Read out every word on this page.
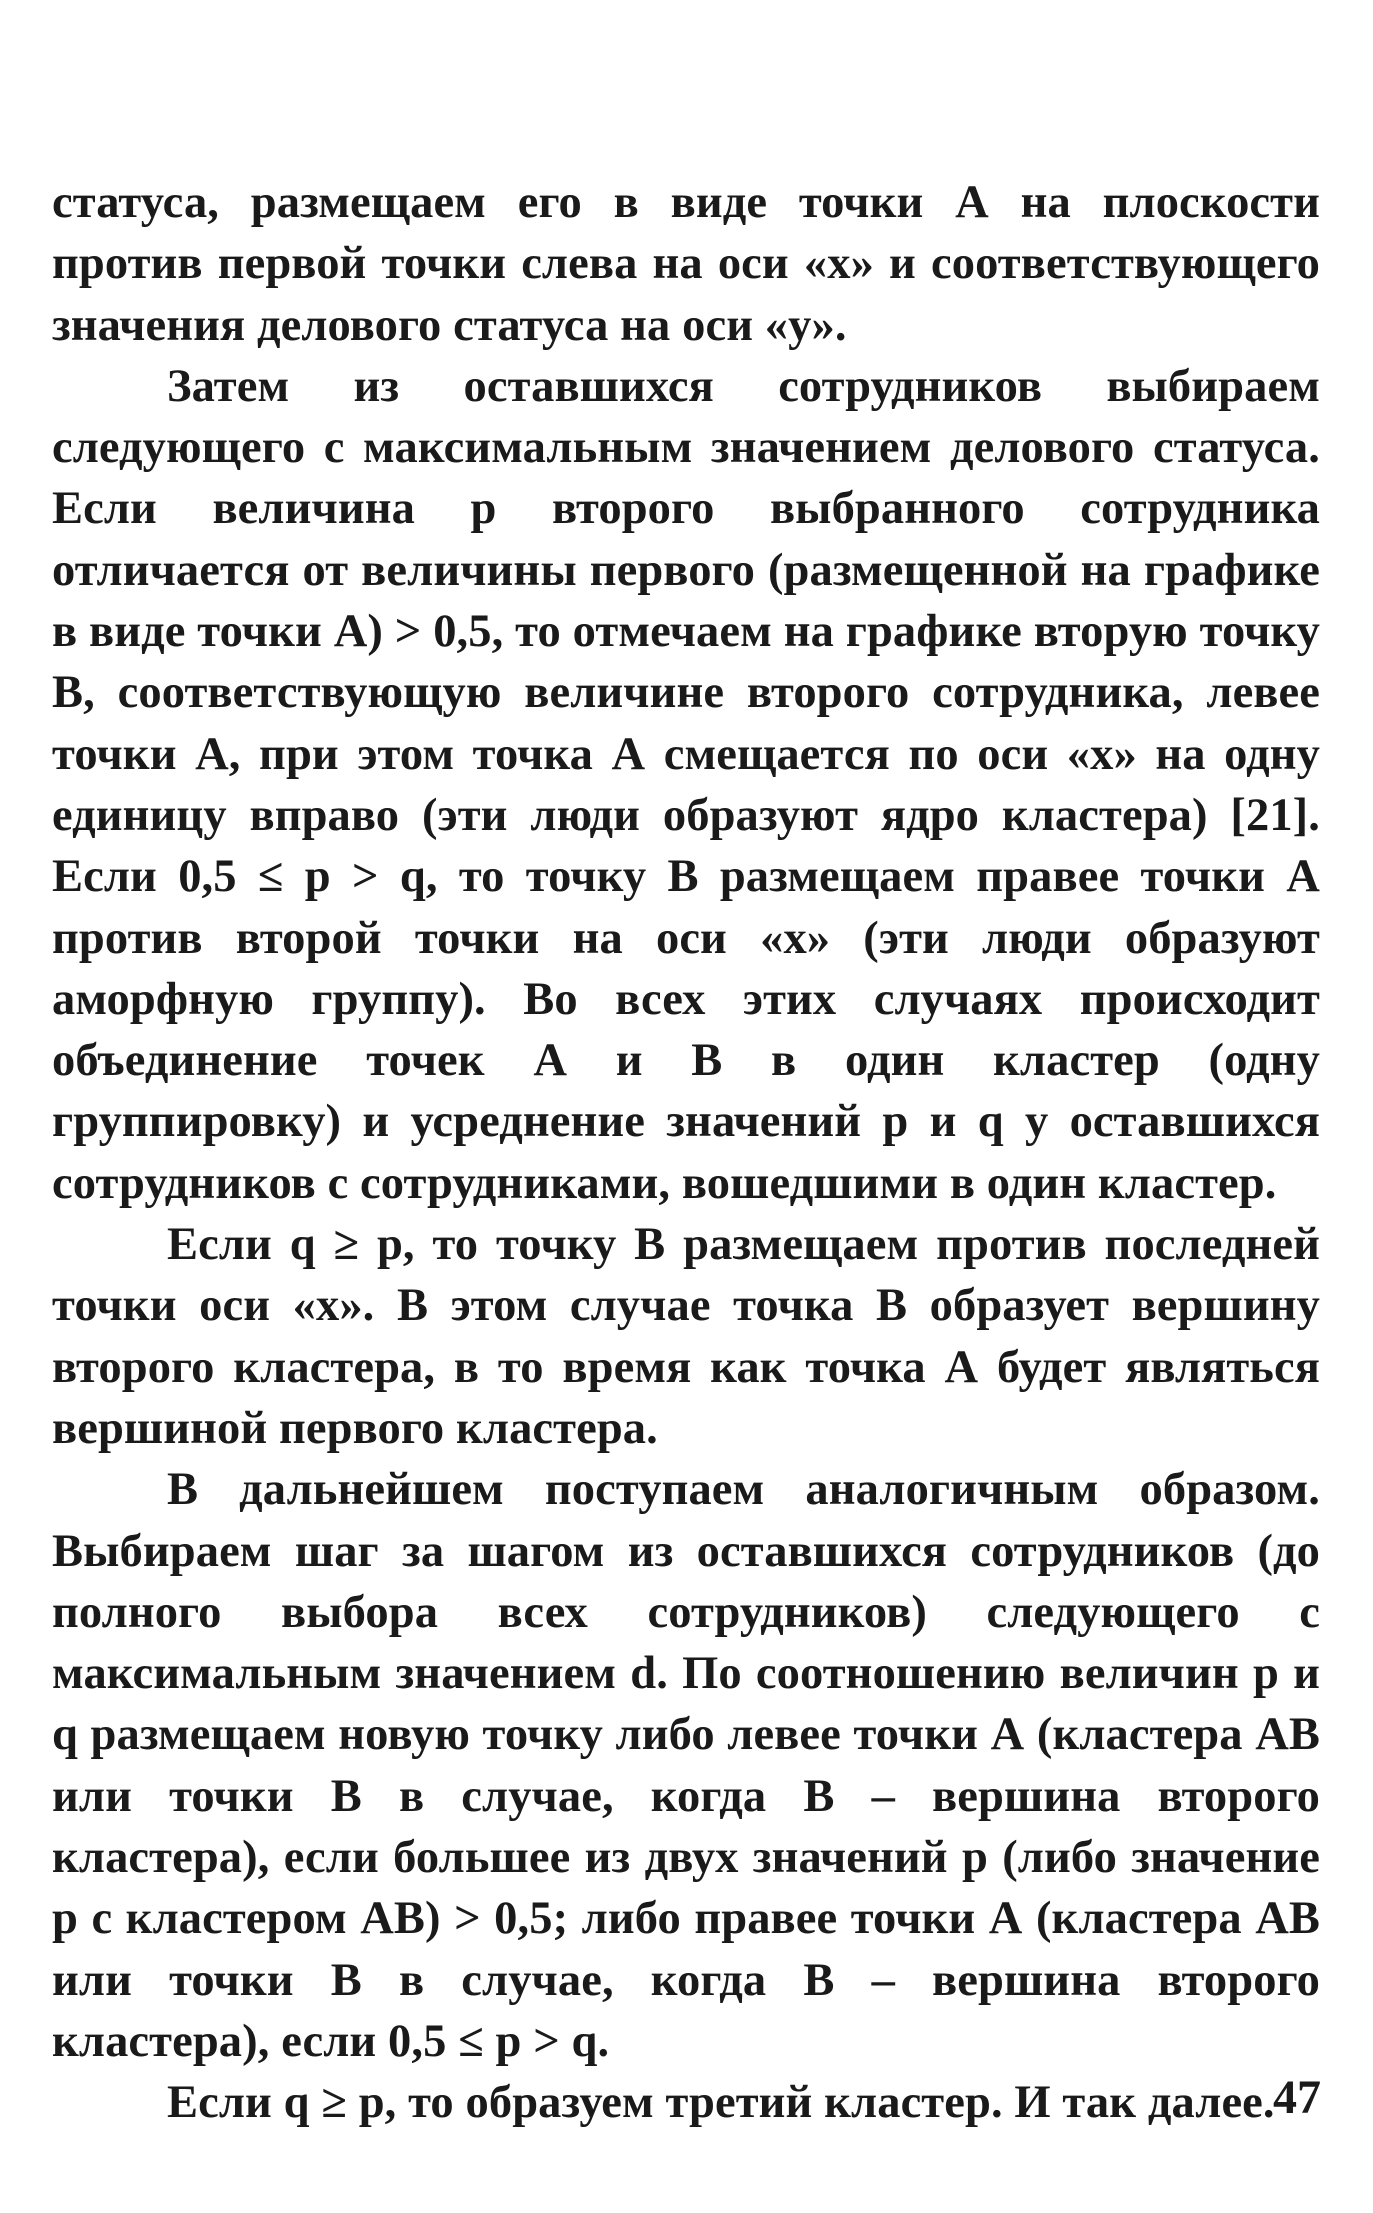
статуса, размещаем его в виде точки А на плоскости против первой точки слева на оси «x» и соответствующего значения делового статуса на оси «y».

Затем из оставшихся сотрудников выбираем следующего с максимальным значением делового статуса. Если величина p второго выбранного сотрудника отличается от величины первого (размещенной на графике в виде точки А) > 0,5, то отмечаем на графике вторую точку В, соответствующую величине второго сотрудника, левее точки А, при этом точка А смещается по оси «x» на одну единицу вправо (эти люди образуют ядро кластера) [21]. Если 0,5 ≤ p > q, то точку В размещаем правее точки А против второй точки на оси «x» (эти люди образуют аморфную группу). Во всех этих случаях происходит объединение точек А и В в один кластер (одну группировку) и усреднение значений p и q у оставшихся сотрудников с сотрудниками, вошедшими в один кластер.

Если q ≥ p, то точку В размещаем против последней точки оси «x». В этом случае точка В образует вершину второго кластера, в то время как точка А будет являться вершиной первого кластера.

В дальнейшем поступаем аналогичным образом. Выбираем шаг за шагом из оставшихся сотрудников (до полного выбора всех сотрудников) следующего с максимальным значением d. По соотношению величин p и q размещаем новую точку либо левее точки А (кластера АВ или точки В в случае, когда В – вершина второго кластера), если большее из двух значений p (либо значение p с кластером АВ) > 0,5; либо правее точки А (кластера АВ или точки В в случае, когда В – вершина второго кластера), если 0,5 ≤ p > q.

Если q ≥ p, то образуем третий кластер. И так далее.

47
